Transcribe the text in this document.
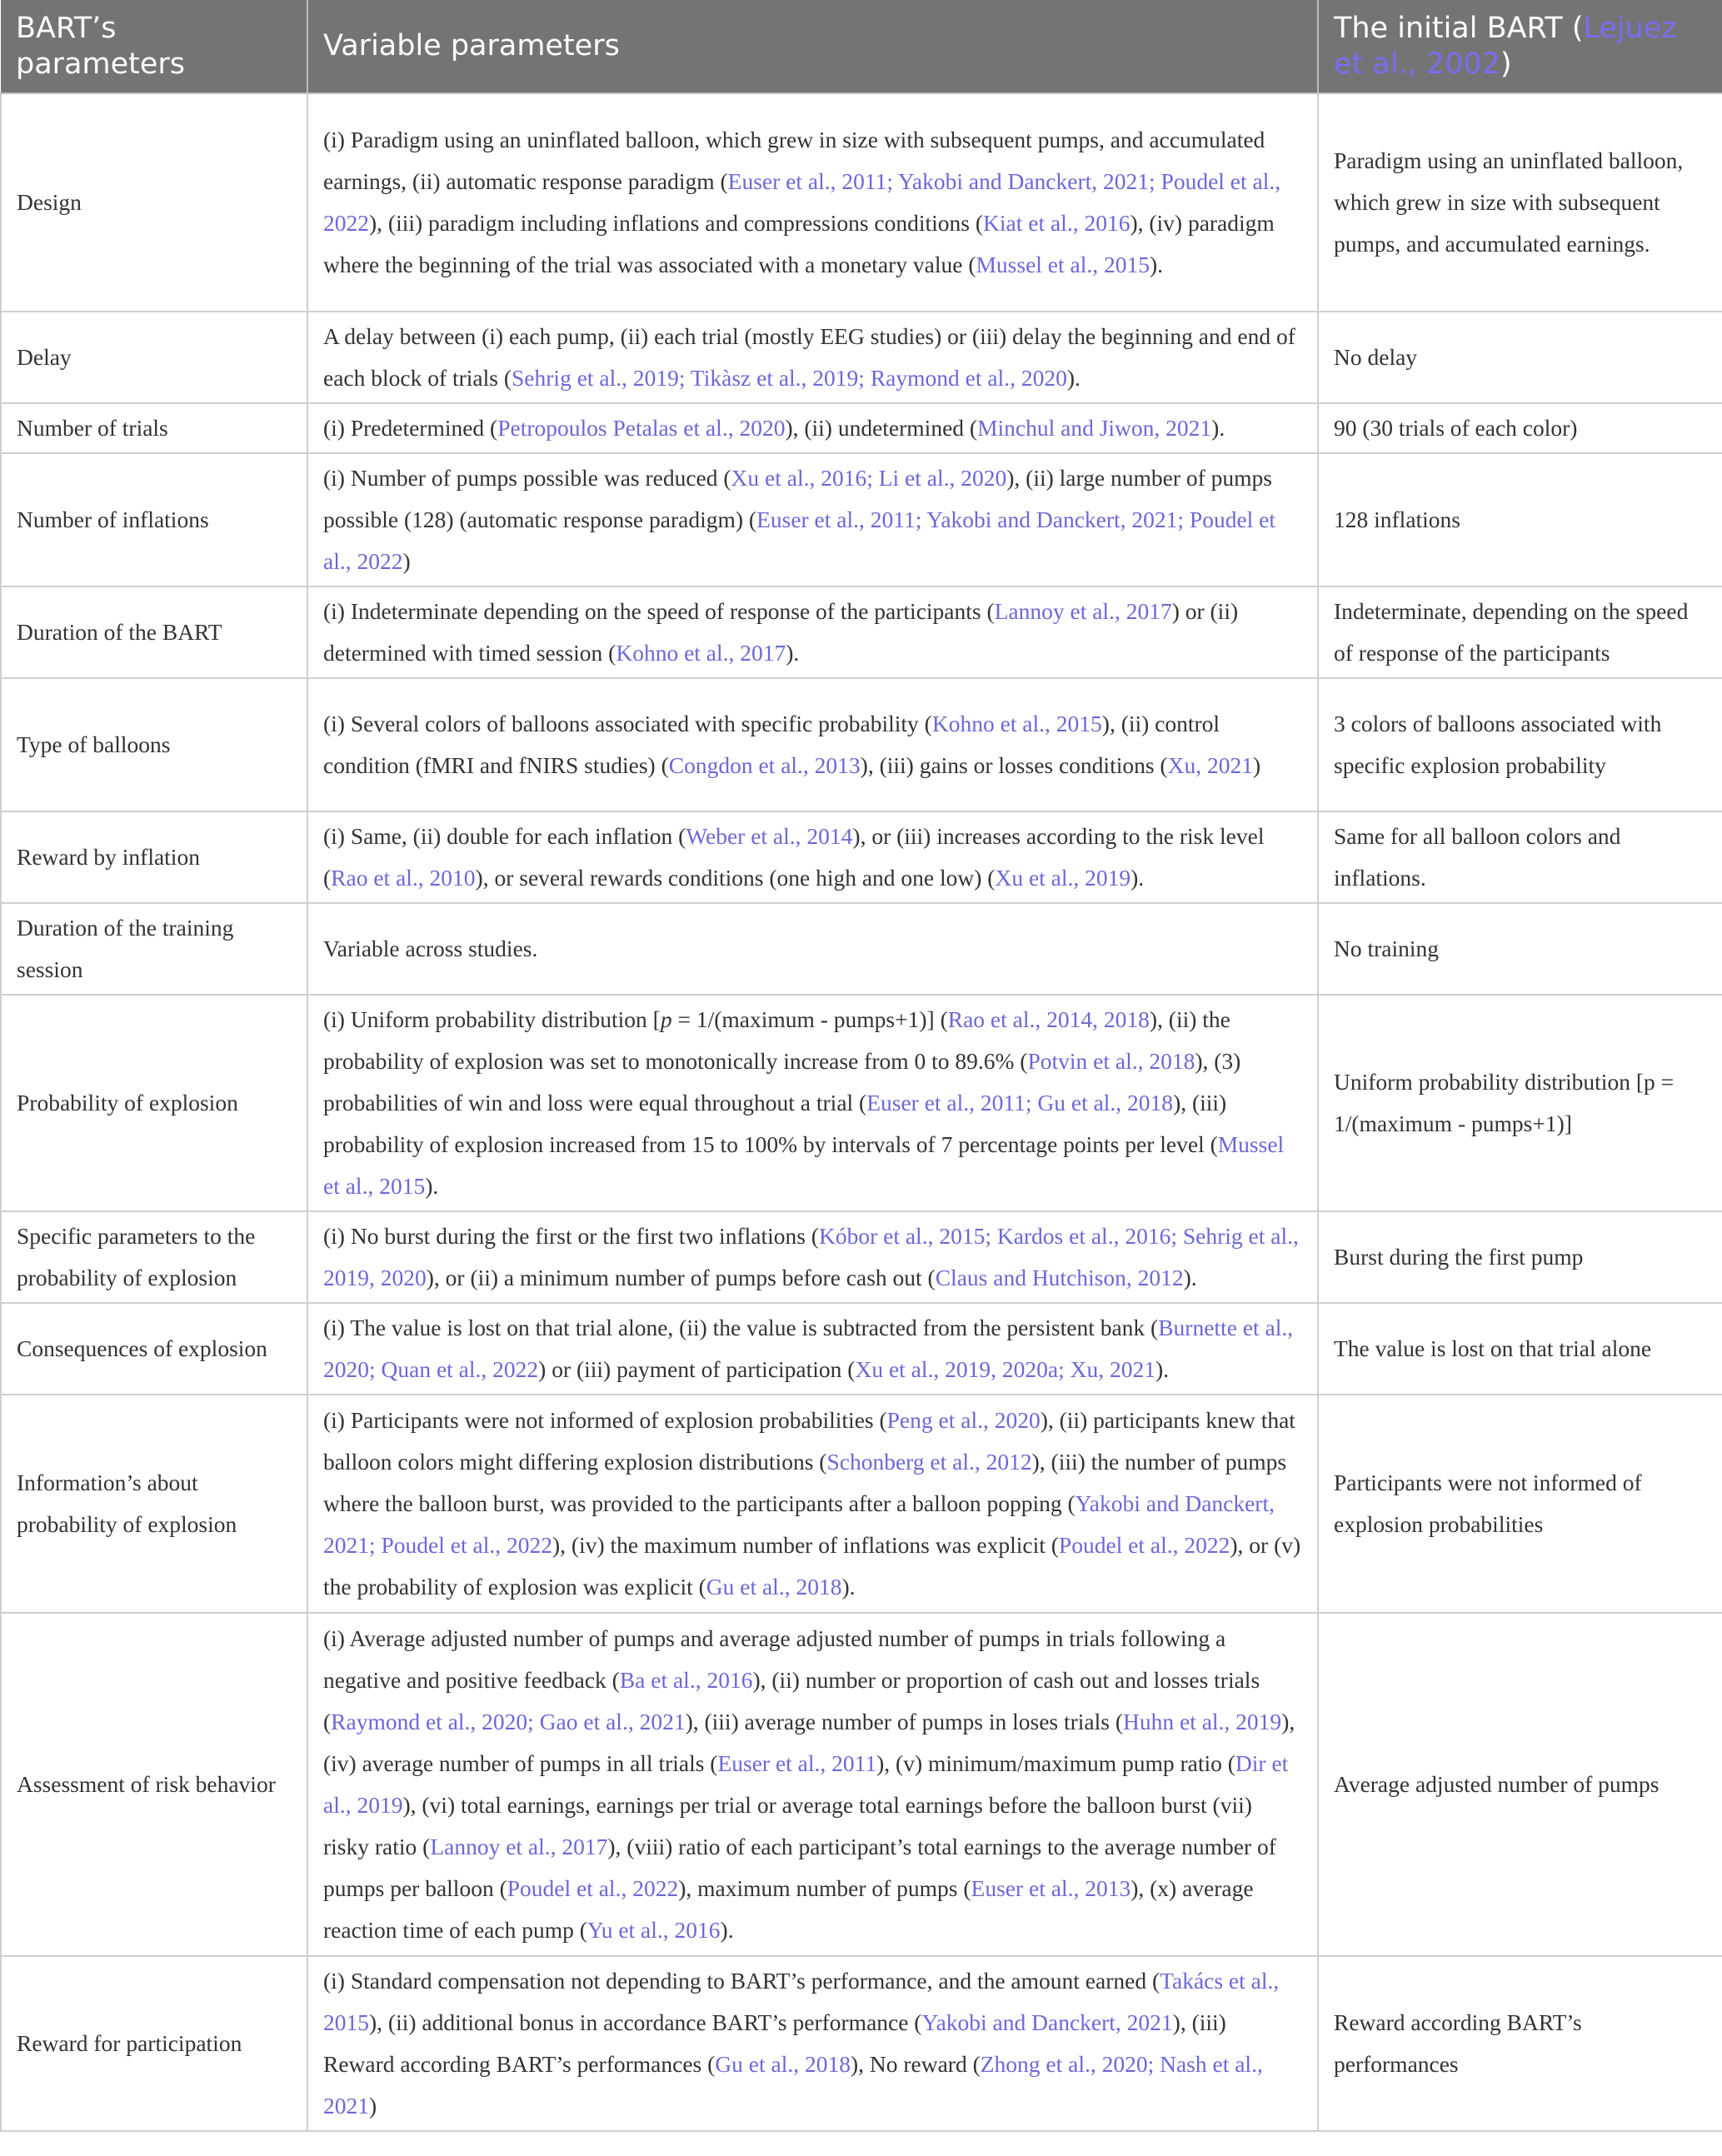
BART’s parameters	Variable parameters	The initial BART (Lejuez et al., 2002)
Design	(i) Paradigm using an uninflated balloon, which grew in size with subsequent pumps, and accumulated earnings, (ii) automatic response paradigm (Euser et al., 2011; Yakobi and Danckert, 2021; Poudel et al., 2022), (iii) paradigm including inflations and compressions conditions (Kiat et al., 2016), (iv) paradigm where the beginning of the trial was associated with a monetary value (Mussel et al., 2015).	Paradigm using an uninflated balloon, which grew in size with subsequent pumps, and accumulated earnings.
Delay	A delay between (i) each pump, (ii) each trial (mostly EEG studies) or (iii) delay the beginning and end of each block of trials (Sehrig et al., 2019; Tikàsz et al., 2019; Raymond et al., 2020).	No delay
Number of trials	(i) Predetermined (Petropoulos Petalas et al., 2020), (ii) undetermined (Minchul and Jiwon, 2021).	90 (30 trials of each color)
Number of inflations	(i) Number of pumps possible was reduced (Xu et al., 2016; Li et al., 2020), (ii) large number of pumps possible (128) (automatic response paradigm) (Euser et al., 2011; Yakobi and Danckert, 2021; Poudel et al., 2022)	128 inflations
Duration of the BART	(i) Indeterminate depending on the speed of response of the participants (Lannoy et al., 2017) or (ii) determined with timed session (Kohno et al., 2017).	Indeterminate, depending on the speed of response of the participants
Type of balloons	(i) Several colors of balloons associated with specific probability (Kohno et al., 2015), (ii) control condition (fMRI and fNIRS studies) (Congdon et al., 2013), (iii) gains or losses conditions (Xu, 2021)	3 colors of balloons associated with specific explosion probability
Reward by inflation	(i) Same, (ii) double for each inflation (Weber et al., 2014), or (iii) increases according to the risk level (Rao et al., 2010), or several rewards conditions (one high and one low) (Xu et al., 2019).	Same for all balloon colors and inflations.
Duration of the training session	Variable across studies.	No training
Probability of explosion	(i) Uniform probability distribution [p = 1/(maximum - pumps+1)] (Rao et al., 2014, 2018), (ii) the probability of explosion was set to monotonically increase from 0 to 89.6% (Potvin et al., 2018), (3) probabilities of win and loss were equal throughout a trial (Euser et al., 2011; Gu et al., 2018), (iii) probability of explosion increased from 15 to 100% by intervals of 7 percentage points per level (Mussel et al., 2015).	Uniform probability distribution [p = 1/(maximum - pumps+1)]
Specific parameters to the probability of explosion	(i) No burst during the first or the first two inflations (Kóbor et al., 2015; Kardos et al., 2016; Sehrig et al., 2019, 2020), or (ii) a minimum number of pumps before cash out (Claus and Hutchison, 2012).	Burst during the first pump
Consequences of explosion	(i) The value is lost on that trial alone, (ii) the value is subtracted from the persistent bank (Burnette et al., 2020; Quan et al., 2022) or (iii) payment of participation (Xu et al., 2019, 2020a; Xu, 2021).	The value is lost on that trial alone
Information’s about probability of explosion	(i) Participants were not informed of explosion probabilities (Peng et al., 2020), (ii) participants knew that balloon colors might differing explosion distributions (Schonberg et al., 2012), (iii) the number of pumps where the balloon burst, was provided to the participants after a balloon popping (Yakobi and Danckert, 2021; Poudel et al., 2022), (iv) the maximum number of inflations was explicit (Poudel et al., 2022), or (v) the probability of explosion was explicit (Gu et al., 2018).	Participants were not informed of explosion probabilities
Assessment of risk behavior	(i) Average adjusted number of pumps and average adjusted number of pumps in trials following a negative and positive feedback (Ba et al., 2016), (ii) number or proportion of cash out and losses trials (Raymond et al., 2020; Gao et al., 2021), (iii) average number of pumps in loses trials (Huhn et al., 2019), (iv) average number of pumps in all trials (Euser et al., 2011), (v) minimum/maximum pump ratio (Dir et al., 2019), (vi) total earnings, earnings per trial or average total earnings before the balloon burst (vii) risky ratio (Lannoy et al., 2017), (viii) ratio of each participant’s total earnings to the average number of pumps per balloon (Poudel et al., 2022), maximum number of pumps (Euser et al., 2013), (x) average reaction time of each pump (Yu et al., 2016).	Average adjusted number of pumps
Reward for participation	(i) Standard compensation not depending to BART’s performance, and the amount earned (Takács et al., 2015), (ii) additional bonus in accordance BART’s performance (Yakobi and Danckert, 2021), (iii) Reward according BART’s performances (Gu et al., 2018), No reward (Zhong et al., 2020; Nash et al., 2021)	Reward according BART’s performances
